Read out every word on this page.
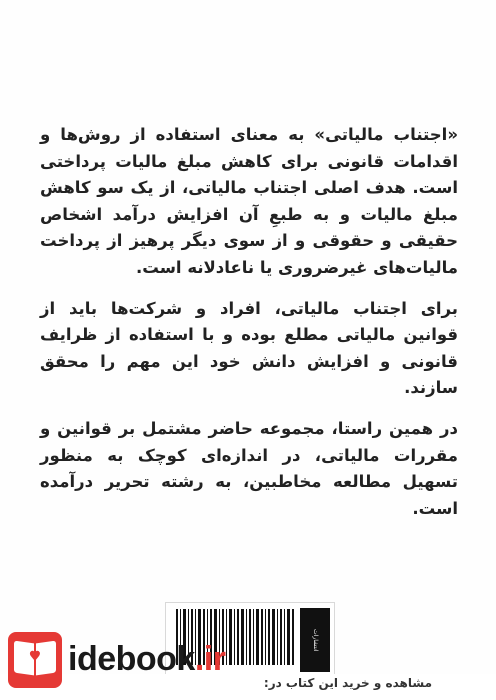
«اجتناب مالیاتی» به معنای استفاده از روش‌ها و اقدامات قانونی برای کاهش مبلغ مالیات پرداختی است. هدف اصلی اجتناب مالیاتی، از یک سو کاهش مبلغ مالیات و به طبعِ آن افزایش درآمد اشخاص حقیقی و حقوقی و از سوی دیگر پرهیز از پرداخت مالیات‌های غیرضروری یا ناعادلانه است.

برای اجتناب مالیاتی، افراد و شرکت‌ها باید از قوانین مالیاتی مطلع بوده و با استفاده از ظرایف قانونی و افزایش دانش خود این مهم را محقق سازند.

در همین راستا، مجموعه حاضر مشتمل بر قوانین و مقررات مالیاتی، در اندازه‌ای کوچک به منظور تسهیل مطالعه مخاطبین، به رشته تحریر درآمده است.

انتشارات
♥ idebook.ir
مشاهده و خرید این کتاب در:
